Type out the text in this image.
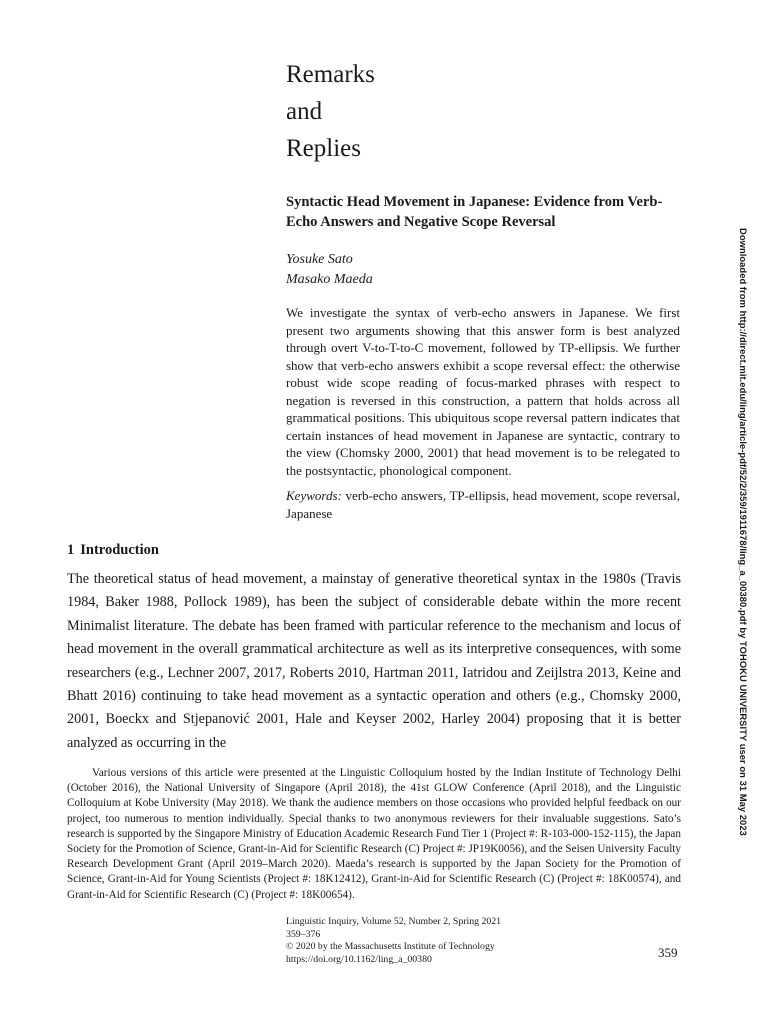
Remarks
and
Replies
Syntactic Head Movement in Japanese: Evidence from Verb-Echo Answers and Negative Scope Reversal
Yosuke Sato
Masako Maeda
We investigate the syntax of verb-echo answers in Japanese. We first present two arguments showing that this answer form is best analyzed through overt V-to-T-to-C movement, followed by TP-ellipsis. We further show that verb-echo answers exhibit a scope reversal effect: the otherwise robust wide scope reading of focus-marked phrases with respect to negation is reversed in this construction, a pattern that holds across all grammatical positions. This ubiquitous scope reversal pattern indicates that certain instances of head movement in Japanese are syntactic, contrary to the view (Chomsky 2000, 2001) that head movement is to be relegated to the postsyntactic, phonological component.
Keywords: verb-echo answers, TP-ellipsis, head movement, scope reversal, Japanese
1 Introduction
The theoretical status of head movement, a mainstay of generative theoretical syntax in the 1980s (Travis 1984, Baker 1988, Pollock 1989), has been the subject of considerable debate within the more recent Minimalist literature. The debate has been framed with particular reference to the mechanism and locus of head movement in the overall grammatical architecture as well as its interpretive consequences, with some researchers (e.g., Lechner 2007, 2017, Roberts 2010, Hartman 2011, Iatridou and Zeijlstra 2013, Keine and Bhatt 2016) continuing to take head movement as a syntactic operation and others (e.g., Chomsky 2000, 2001, Boeckx and Stjepanović 2001, Hale and Keyser 2002, Harley 2004) proposing that it is better analyzed as occurring in the
Various versions of this article were presented at the Linguistic Colloquium hosted by the Indian Institute of Technology Delhi (October 2016), the National University of Singapore (April 2018), the 41st GLOW Conference (April 2018), and the Linguistic Colloquium at Kobe University (May 2018). We thank the audience members on those occasions who provided helpful feedback on our project, too numerous to mention individually. Special thanks to two anonymous reviewers for their invaluable suggestions. Sato’s research is supported by the Singapore Ministry of Education Academic Research Fund Tier 1 (Project #: R-103-000-152-115), the Japan Society for the Promotion of Science, Grant-in-Aid for Scientific Research (C) Project #: JP19K0056), and the Seisen University Faculty Research Development Grant (April 2019–March 2020). Maeda’s research is supported by the Japan Society for the Promotion of Science, Grant-in-Aid for Young Scientists (Project #: 18K12412), Grant-in-Aid for Scientific Research (C) (Project #: 18K00574), and Grant-in-Aid for Scientific Research (C) (Project #: 18K00654).
Linguistic Inquiry, Volume 52, Number 2, Spring 2021
359–376
© 2020 by the Massachusetts Institute of Technology
https://doi.org/10.1162/ling_a_00380	359
Downloaded from http://direct.mit.edu/ling/article-pdf/52/2/359/1911678/ling_a_00380.pdf by TOHOKU UNIVERSITY user on 31 May 2023
